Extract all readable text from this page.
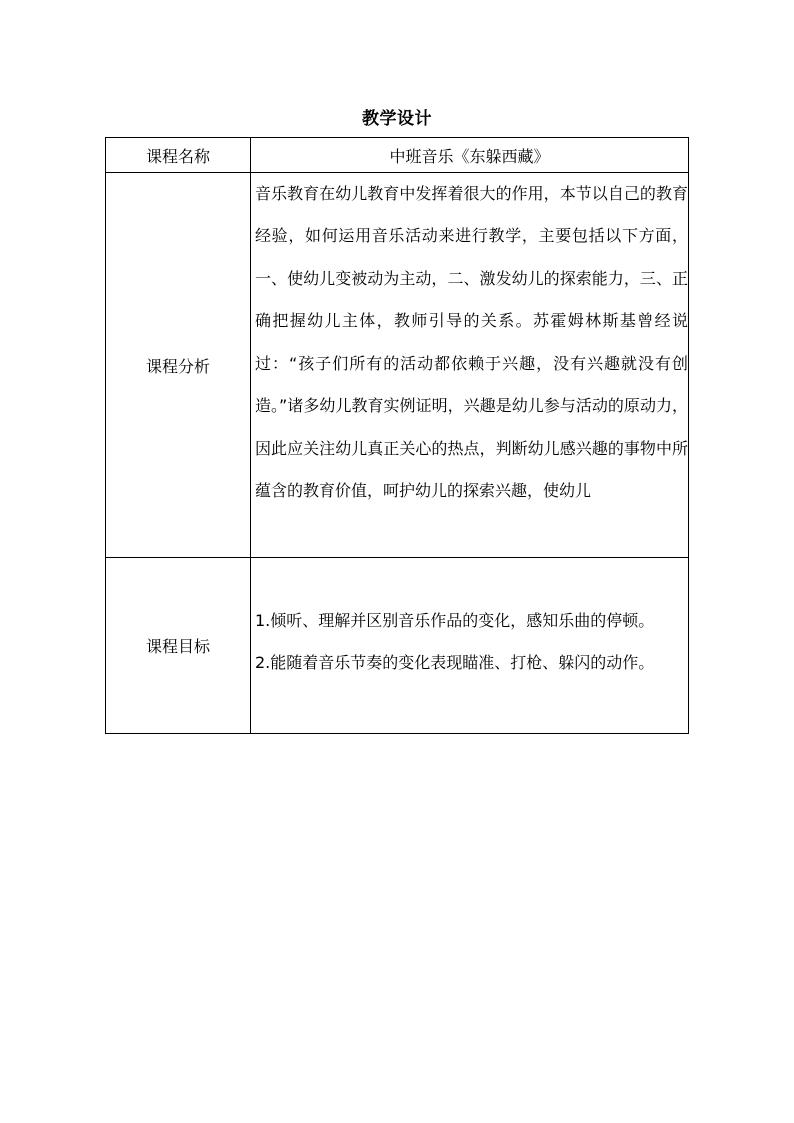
教学设计
课程名称	中班音乐《东躲西藏》
课程分析	音乐教育在幼儿教育中发挥着很大的作用，本节以自己的教育经验，如何运用音乐活动来进行教学，主要包括以下方面，一、使幼儿变被动为主动，二、激发幼儿的探索能力，三、正确把握幼儿主体，教师引导的关系。苏霍姆林斯基曾经说过：“孩子们所有的活动都依赖于兴趣，没有兴趣就没有创造。”诸多幼儿教育实例证明，兴趣是幼儿参与活动的原动力，因此应关注幼儿真正关心的热点，判断幼儿感兴趣的事物中所蕴含的教育价值，呵护幼儿的探索兴趣，使幼儿

课程目标	1.倾听、理解并区别音乐作品的变化，感知乐曲的停顿。

2.能随着音乐节奏的变化表现瞄准、打枪、躲闪的动作。
